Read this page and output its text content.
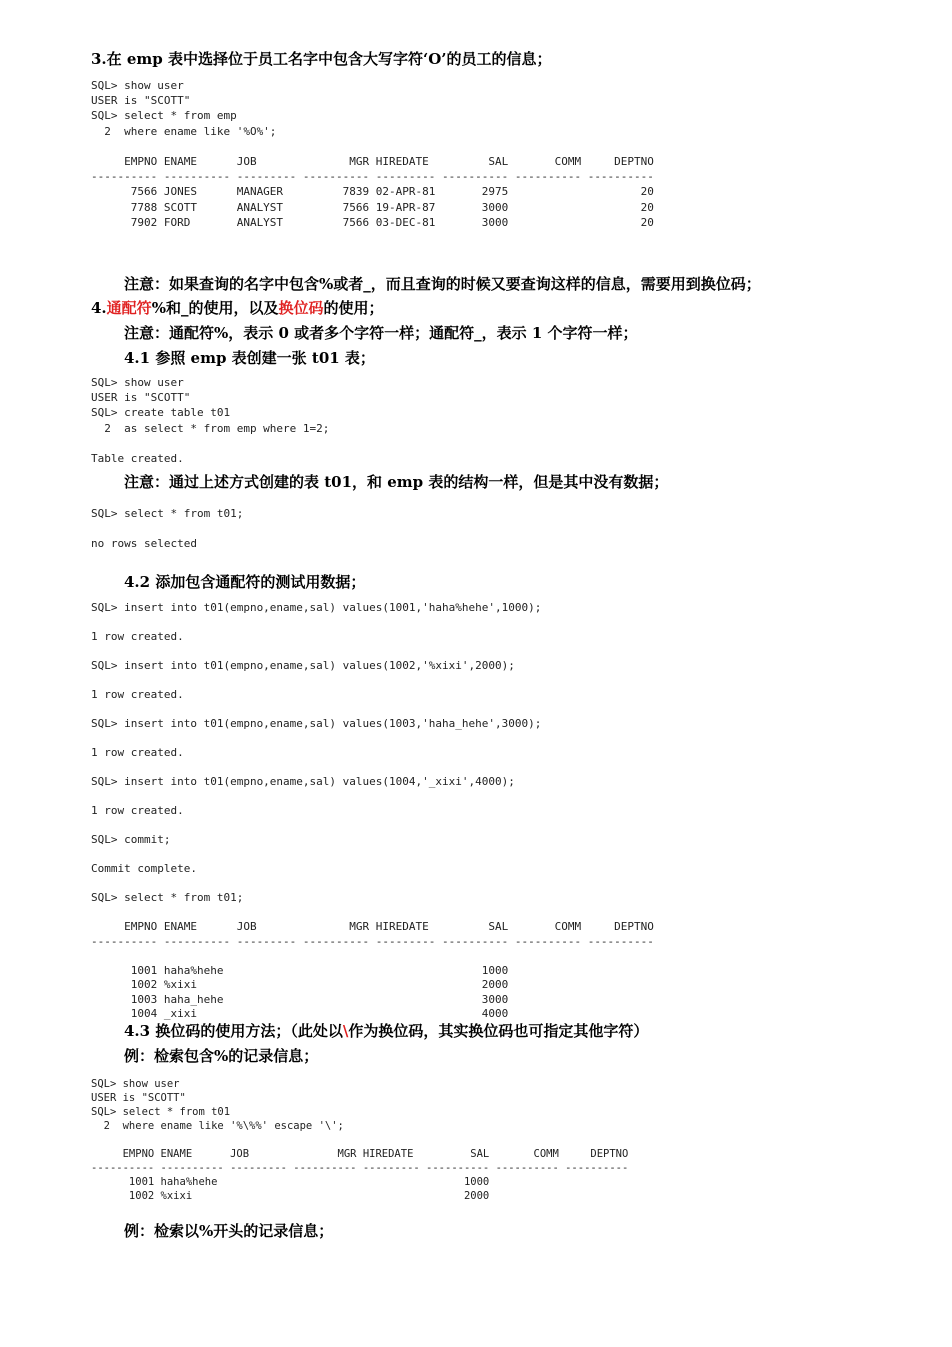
3.在 emp 表中选择位于员工名字中包含大写字符‘O’的员工的信息；
SQL> show user
USER is "SCOTT"
SQL> select * from emp
2  where ename like '%O%';

EMPNO ENAME      JOB              MGR HIREDATE         SAL       COMM     DEPTNO
---------- ---------- --------- ---------- --------- ---------- ---------- ----------
7566 JONES      MANAGER         7839 02-APR-81       2975                    20
7788 SCOTT      ANALYST         7566 19-APR-87       3000                    20
7902 FORD       ANALYST         7566 03-DEC-81       3000                    20
注意：如果查询的名字中包含%或者_，而且查询的时候又要查询这样的信息，需要用到换位码；
4.通配符%和_的使用，以及换位码的使用；
注意：通配符%，表示 0 或者多个字符一样；通配符_，表示 1 个字符一样；
4.1 参照 emp 表创建一张 t01 表；
SQL> show user
USER is "SCOTT"
SQL> create table t01
2  as select * from emp where 1=2;

Table created.
注意：通过上述方式创建的表 t01，和 emp 表的结构一样，但是其中没有数据；
SQL> select * from t01;

no rows selected
4.2 添加包含通配符的测试用数据；
SQL> insert into t01(empno,ename,sal) values(1001,'haha%hehe',1000);

1 row created.

SQL> insert into t01(empno,ename,sal) values(1002,'%xixi',2000);

1 row created.

SQL> insert into t01(empno,ename,sal) values(1003,'haha_hehe',3000);

1 row created.

SQL> insert into t01(empno,ename,sal) values(1004,'_xixi',4000);

1 row created.

SQL> commit;

Commit complete.

SQL> select * from t01;

EMPNO ENAME      JOB              MGR HIREDATE         SAL       COMM     DEPTNO
---------- ---------- --------- ---------- --------- ---------- ---------- ----------

1001 haha%hehe                                       1000
1002 %xixi                                           2000
1003 haha_hehe                                       3000
1004 _xixi                                           4000
4.3 换位码的使用方法；（此处以\作为换位码，其实换位码也可指定其他字符）
例：检索包含%的记录信息；
SQL> show user
USER is "SCOTT"
SQL> select * from t01
2  where ename like '%\%%' escape '\';

EMPNO ENAME      JOB              MGR HIREDATE         SAL       COMM     DEPTNO
---------- ---------- --------- ---------- --------- ---------- ---------- ----------
1001 haha%hehe                                       1000
1002 %xixi                                           2000
例：检索以%开头的记录信息；
